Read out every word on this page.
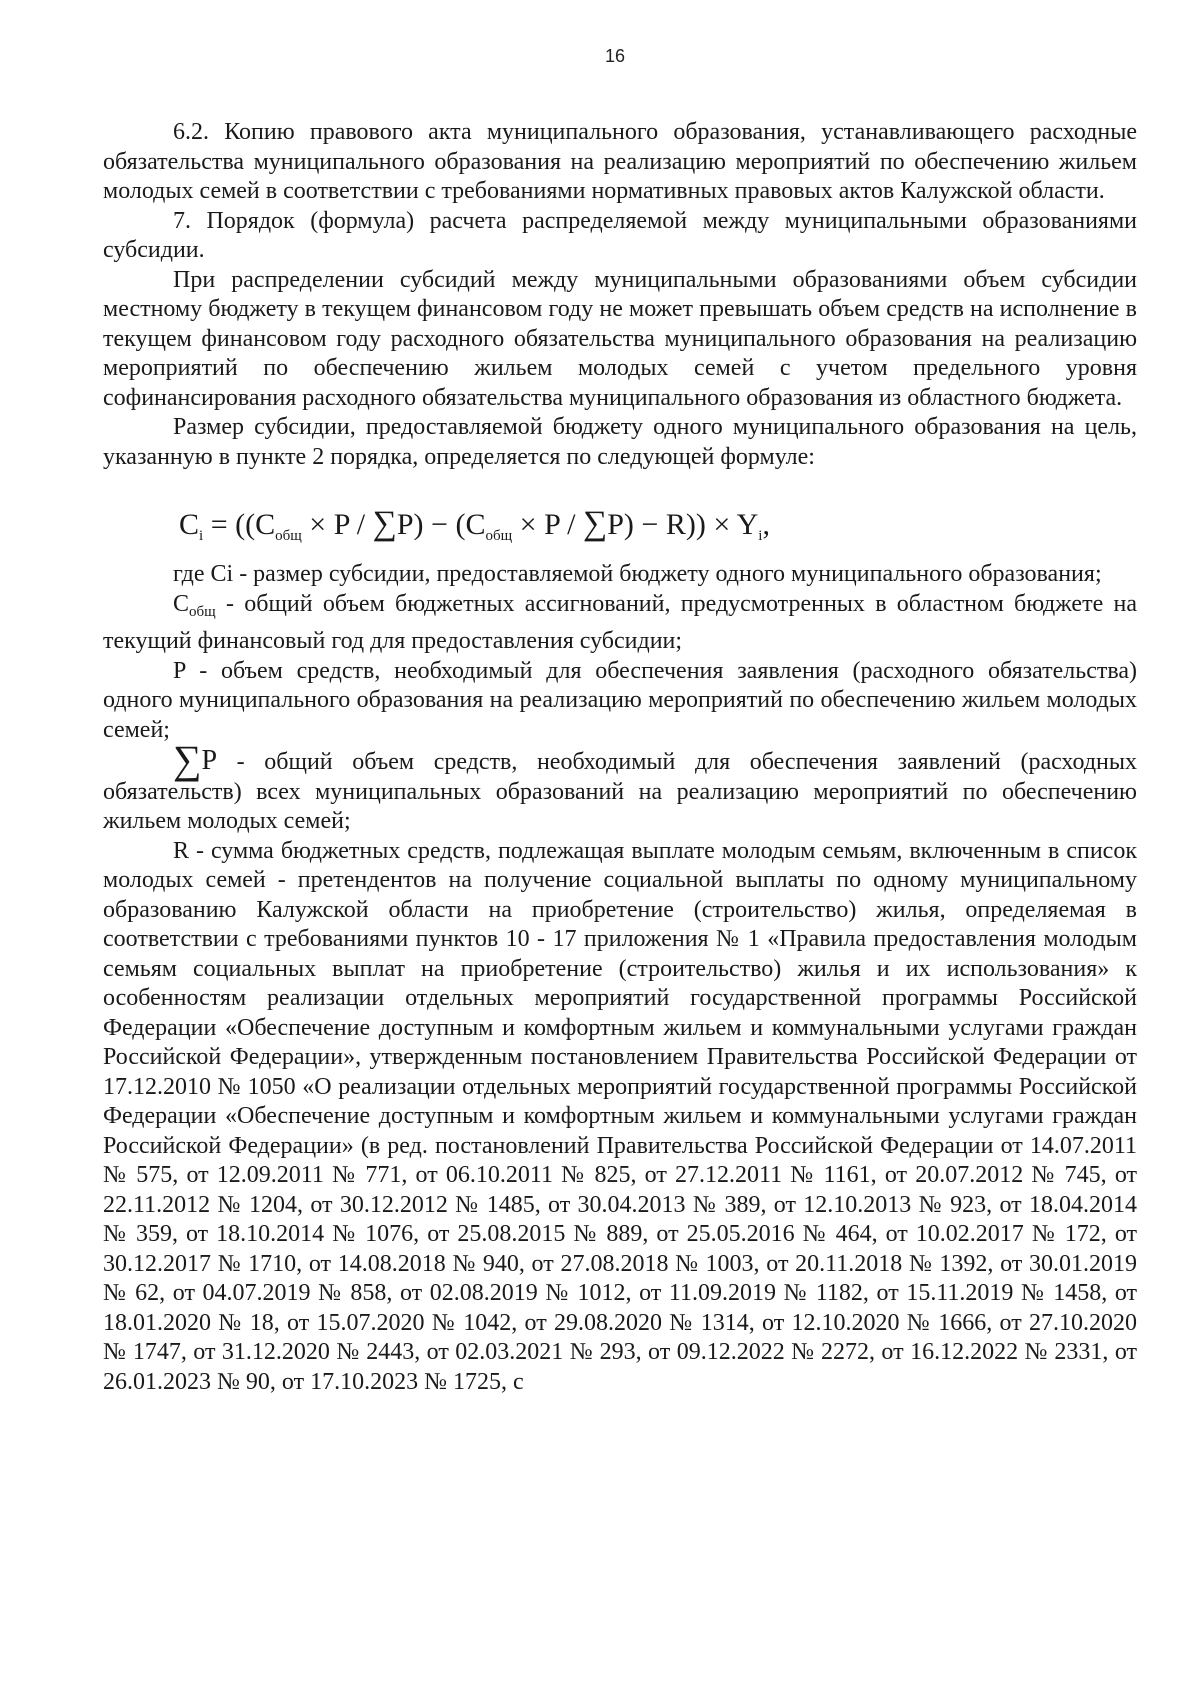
16

6.2. Копию правового акта муниципального образования, устанавливающего расходные обязательства муниципального образования на реализацию мероприятий по обеспечению жильем молодых семей в соответствии с требованиями нормативных правовых актов Калужской области.

7. Порядок (формула) расчета распределяемой между муниципальными образованиями субсидии.

При распределении субсидий между муниципальными образованиями объем субсидии местному бюджету в текущем финансовом году не может превышать объем средств на исполнение в текущем финансовом году расходного обязательства муниципального образования на реализацию мероприятий по обеспечению жильем молодых семей с учетом предельного уровня софинансирования расходного обязательства муниципального образования из областного бюджета.

Размер субсидии, предоставляемой бюджету одного муниципального образования на цель, указанную в пункте 2 порядка, определяется по следующей формуле:

$C_i = ((C_{общ} \times P / \sum P) - (C_{общ} \times P / \sum P) - R)) \times Y_i$,

где Ci - размер субсидии, предоставляемой бюджету одного муниципального образования;

$C_{общ}$ - общий объем бюджетных ассигнований, предусмотренных в областном бюджете на текущий финансовый год для предоставления субсидии;

P - объем средств, необходимый для обеспечения заявления (расходного обязательства) одного муниципального образования на реализацию мероприятий по обеспечению жильем молодых семей;

∑P - общий объем средств, необходимый для обеспечения заявлений (расходных обязательств) всех муниципальных образований на реализацию мероприятий по обеспечению жильем молодых семей;

R - сумма бюджетных средств, подлежащая выплате молодым семьям, включенным в список молодых семей - претендентов на получение социальной выплаты по одному муниципальному образованию Калужской области на приобретение (строительство) жилья, определяемая в соответствии с требованиями пунктов 10 - 17 приложения № 1 «Правила предоставления молодым семьям социальных выплат на приобретение (строительство) жилья и их использования» к особенностям реализации отдельных мероприятий государственной программы Российской Федерации «Обеспечение доступным и комфортным жильем и коммунальными услугами граждан Российской Федерации», утвержденным постановлением Правительства Российской Федерации от 17.12.2010 № 1050 «О реализации отдельных мероприятий государственной программы Российской Федерации «Обеспечение доступным и комфортным жильем и коммунальными услугами граждан Российской Федерации» (в ред. постановлений Правительства Российской Федерации от 14.07.2011 № 575, от 12.09.2011 № 771, от 06.10.2011 № 825, от 27.12.2011 № 1161, от 20.07.2012 № 745, от 22.11.2012 № 1204, от 30.12.2012 № 1485, от 30.04.2013 № 389, от 12.10.2013 № 923, от 18.04.2014 № 359, от 18.10.2014 № 1076, от 25.08.2015 № 889, от 25.05.2016 № 464, от 10.02.2017 № 172, от 30.12.2017 № 1710, от 14.08.2018 № 940, от 27.08.2018 № 1003, от 20.11.2018 № 1392, от 30.01.2019 № 62, от 04.07.2019 № 858, от 02.08.2019 № 1012, от 11.09.2019 № 1182, от 15.11.2019 № 1458, от 18.01.2020 № 18, от 15.07.2020 № 1042, от 29.08.2020 № 1314, от 12.10.2020 № 1666, от 27.10.2020 № 1747, от 31.12.2020 № 2443, от 02.03.2021 № 293, от 09.12.2022 № 2272, от 16.12.2022 № 2331, от 26.01.2023 № 90, от 17.10.2023 № 1725, с
